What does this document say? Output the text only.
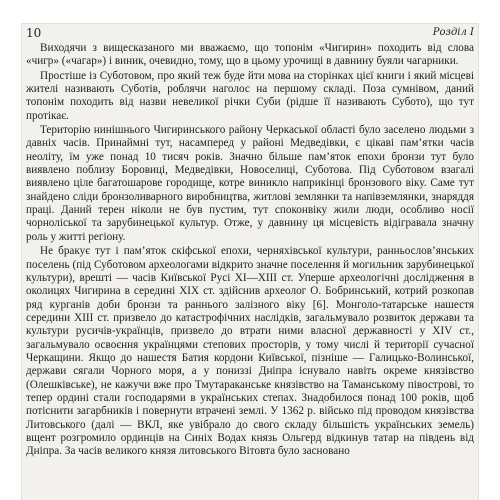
10	Розділ I

Виходячи з вищесказаного ми вважаємо, що топонім «Чигирин» походить від слова «чигр» («чагар») і виник, очевидно, тому, що в цьому урочищі в давнину буяли чагарники.

Простіше із Суботовом, про який теж буде йти мова на сторінках цієї книги і який місцеві жителі називають Суботів, роблячи наголос на першому складі. Поза сумнівом, даний топонім походить від назви невеликої річки Суби (рідше її називають Субото), що тут протікає.

Територію нинішнього Чигиринського району Черкаської області було заселено людьми з давніх часів. Принаймні тут, насамперед у районі Медведівки, є цікаві пам’ятки часів неоліту, їм уже понад 10 тисяч років. Значно більше пам’яток епохи бронзи тут було виявлено поблизу Боровиці, Медведівки, Новоселиці, Суботова. Під Суботовом взагалі виявлено ціле багатошарове городище, котре виникло наприкінці бронзового віку. Саме тут знайдено сліди бронзоливарного виробництва, житлові землянки та напівземлянки, знаряддя праці. Даний терен ніколи не був пустим, тут споконвіку жили люди, особливо носії чорноліської та зарубинецької культур. Отже, у давнину ця місцевість відігравала значну роль у житті регіону.

Не бракує тут і пам’яток скіфської епохи, черняхівської культури, ранньослов’янських поселень (під Суботовом археологами відкрито значне поселення й могильник зарубинецької культури), врешті — часів Київської Русі XI—XIII ст. Уперше археологічні дослідження в околицях Чигирина в середині XIX ст. здійснив археолог О. Бобринський, котрий розкопав ряд курганів доби бронзи та раннього залізного віку [6]. Монголо-татарське нашестя середини XIII ст. призвело до катастрофічних наслідків, загальмувало розвиток держави та культури русичів-українців, призвело до втрати ними власної державності у XIV ст., загальмувало освоєння українцями степових просторів, у тому числі й території сучасної Черкащини. Якщо до нашестя Батия кордони Київської, пізніше — Галицько-Волинської, держави сягали Чорного моря, а у пониззі Дніпра існувало навіть окреме князівство (Олешківське), не кажучи вже про Тмутараканське князівство на Таманському півострові, то тепер ордині стали господарями в українських степах. Знадобилося понад 100 років, щоб потіснити загарбників і повернути втрачені землі. У 1362 р. військо під проводом князівства Литовського (далі — ВКЛ, яке увібрало до свого складу більшість українських земель) вщент розгромило ординців на Синіх Водах князь Ольгерд відкинув татар на південь від Дніпра. За часів великого князя литовського Вітовта було засновано
